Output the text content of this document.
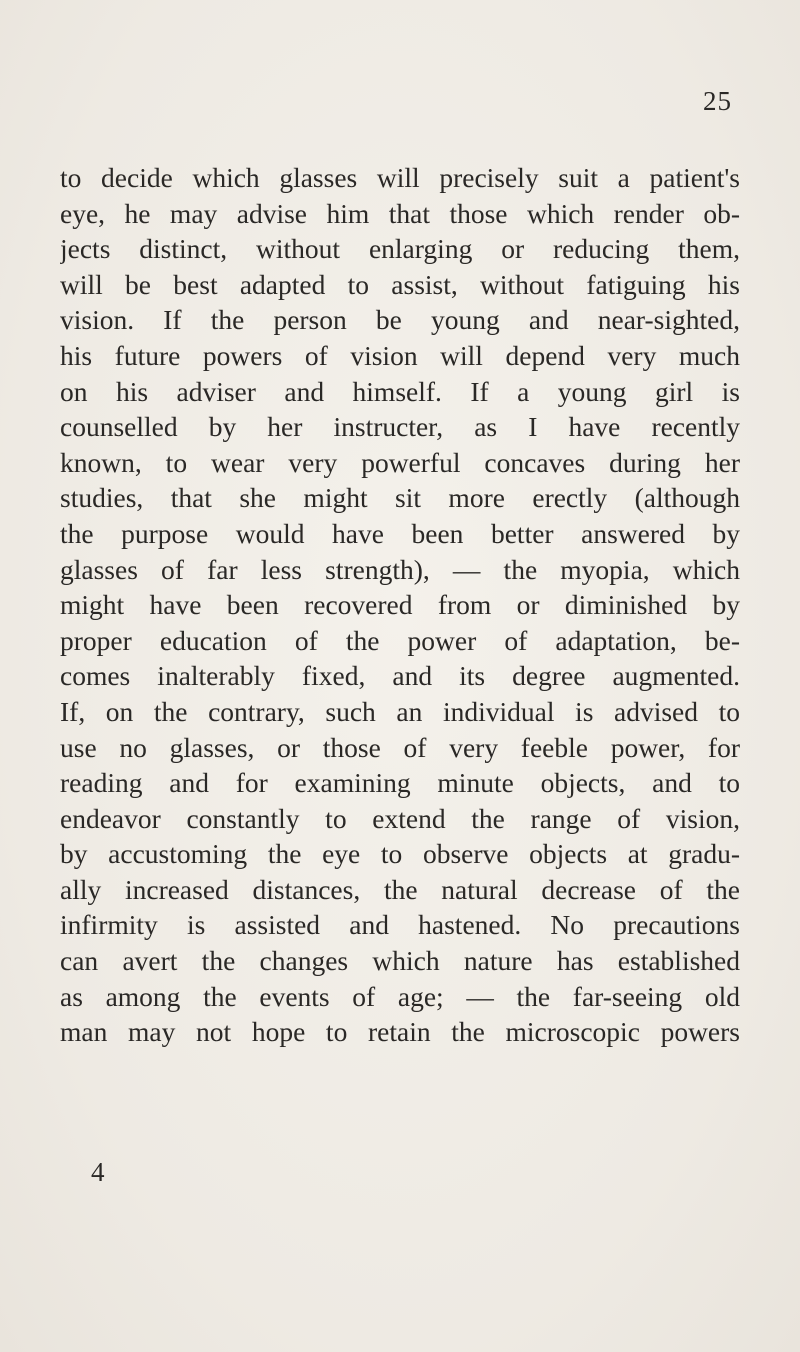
25

to decide which glasses will precisely suit a patient's
eye, he may advise him that those which render ob-
jects distinct, without enlarging or reducing them,
will be best adapted to assist, without fatiguing his
vision. If the person be young and near-sighted,
his future powers of vision will depend very much
on his adviser and himself. If a young girl is
counselled by her instructer, as I have recently
known, to wear very powerful concaves during her
studies, that she might sit more erectly (although
the purpose would have been better answered by
glasses of far less strength), — the myopia, which
might have been recovered from or diminished by
proper education of the power of adaptation, be-
comes inalterably fixed, and its degree augmented.
If, on the contrary, such an individual is advised to
use no glasses, or those of very feeble power, for
reading and for examining minute objects, and to
endeavor constantly to extend the range of vision,
by accustoming the eye to observe objects at gradu-
ally increased distances, the natural decrease of the
infirmity is assisted and hastened. No precautions
can avert the changes which nature has established
as among the events of age; — the far-seeing old
man may not hope to retain the microscopic powers

4
